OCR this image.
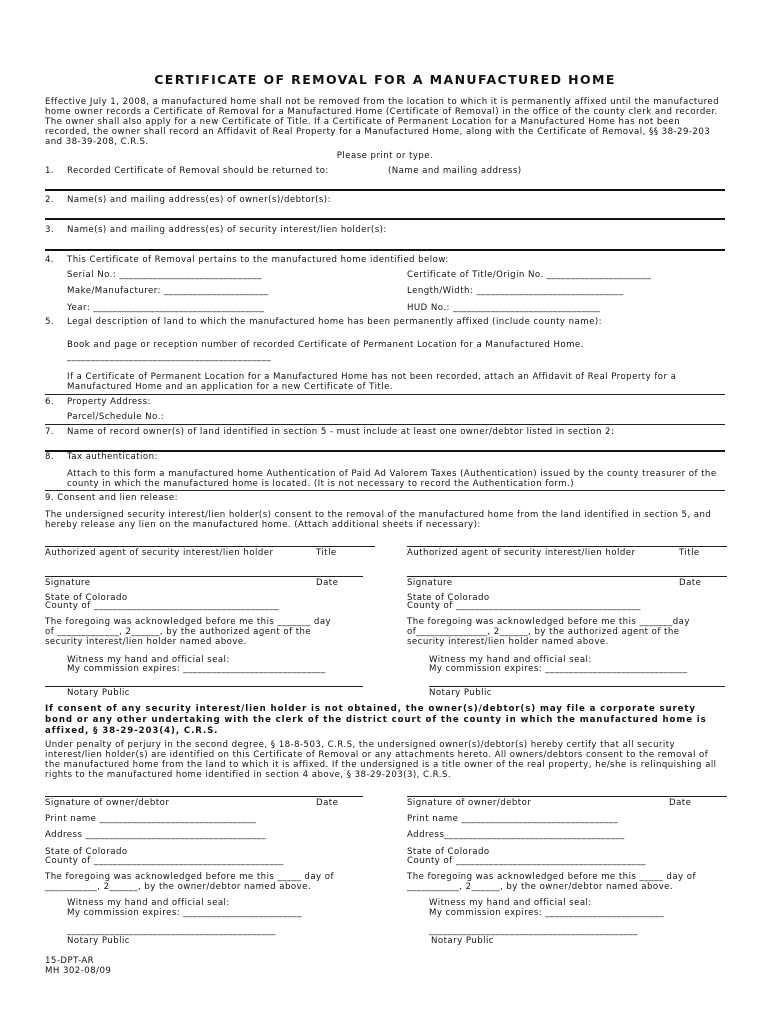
CERTIFICATE OF REMOVAL FOR A MANUFACTURED HOME
Effective July 1, 2008, a manufactured home shall not be removed from the location to which it is permanently affixed until the manufactured home owner records a Certificate of Removal for a Manufactured Home (Certificate of Removal) in the office of the county clerk and recorder. The owner shall also apply for a new Certificate of Title. If a Certificate of Permanent Location for a Manufactured Home has not been recorded, the owner shall record an Affidavit of Real Property for a Manufactured Home, along with the Certificate of Removal, §§ 38-29-203 and 38-39-208, C.R.S.
Please print or type.
1. Recorded Certificate of Removal should be returned to:	(Name and mailing address)
2. Name(s) and mailing address(es) of owner(s)/debtor(s):
3. Name(s) and mailing address(es) of security interest/lien holder(s):
4. This Certificate of Removal pertains to the manufactured home identified below:
Serial No.: ______________________________	Certificate of Title/Origin No. ______________________
Make/Manufacturer: ______________________	Length/Width: _______________________________
Year: ____________________________________	HUD No.: _______________________________
5. Legal description of land to which the manufactured home has been permanently affixed (include county name):
Book and page or reception number of recorded Certificate of Permanent Location for a Manufactured Home.
___________________________________________
If a Certificate of Permanent Location for a Manufactured Home has not been recorded, attach an Affidavit of Real Property for a Manufactured Home and an application for a new Certificate of Title.
6. Property Address:
Parcel/Schedule No.:
7. Name of record owner(s) of land identified in section 5 - must include at least one owner/debtor listed in section 2:
8. Tax authentication:
Attach to this form a manufactured home Authentication of Paid Ad Valorem Taxes (Authentication) issued by the county treasurer of the county in which the manufactured home is located. (It is not necessary to record the Authentication form.)
9. Consent and lien release:
The undersigned security interest/lien holder(s) consent to the removal of the manufactured home from the land identified in section 5, and hereby release any lien on the manufactured home. (Attach additional sheets if necessary):
Authorized agent of security interest/lien holder	Title
Signature	Date
State of Colorado
County of _______________________________________
The foregoing was acknowledged before me this _______ day
of _____________, 2______, by the authorized agent of the
security interest/lien holder named above.
Witness my hand and official seal:
My commission expires: ______________________________
Notary Public
Authorized agent of security interest/lien holder	Title
Signature	Date
State of Colorado
County of _______________________________________
The foregoing was acknowledged before me this _______day
of_______________, 2______, by the authorized agent of the
security interest/lien holder named above.
Witness my hand and official seal:
My commission expires: ______________________________
Notary Public
If consent of any security interest/lien holder is not obtained, the owner(s)/debtor(s) may file a corporate surety bond or any other undertaking with the clerk of the district court of the county in which the manufactured home is affixed, § 38-29-203(4), C.R.S.
Under penalty of perjury in the second degree, § 18-8-503, C.R.S, the undersigned owner(s)/debtor(s) hereby certify that all security interest/lien holder(s) are identified on this Certificate of Removal or any attachments hereto. All owners/debtors consent to the removal of the manufactured home from the land to which it is affixed. If the undersigned is a title owner of the real property, he/she is relinquishing all rights to the manufactured home identified in section 4 above, § 38-29-203(3), C.R.S.
Signature of owner/debtor	Date
Print name _________________________________
Address ______________________________________
State of Colorado
County of ________________________________________
The foregoing was acknowledged before me this _____ day of
___________, 2______, by the owner/debtor named above.
Witness my hand and official seal:
My commission expires: _________________________
____________________________________________
Notary Public
Signature of owner/debtor	Date
Print name _________________________________
Address______________________________________
State of Colorado
County of ________________________________________
The foregoing was acknowledged before me this _____ day of
___________, 2______, by the owner/debtor named above.
Witness my hand and official seal:
My commission expires: _________________________
____________________________________________
Notary Public
15-DPT-AR
MH 302-08/09
